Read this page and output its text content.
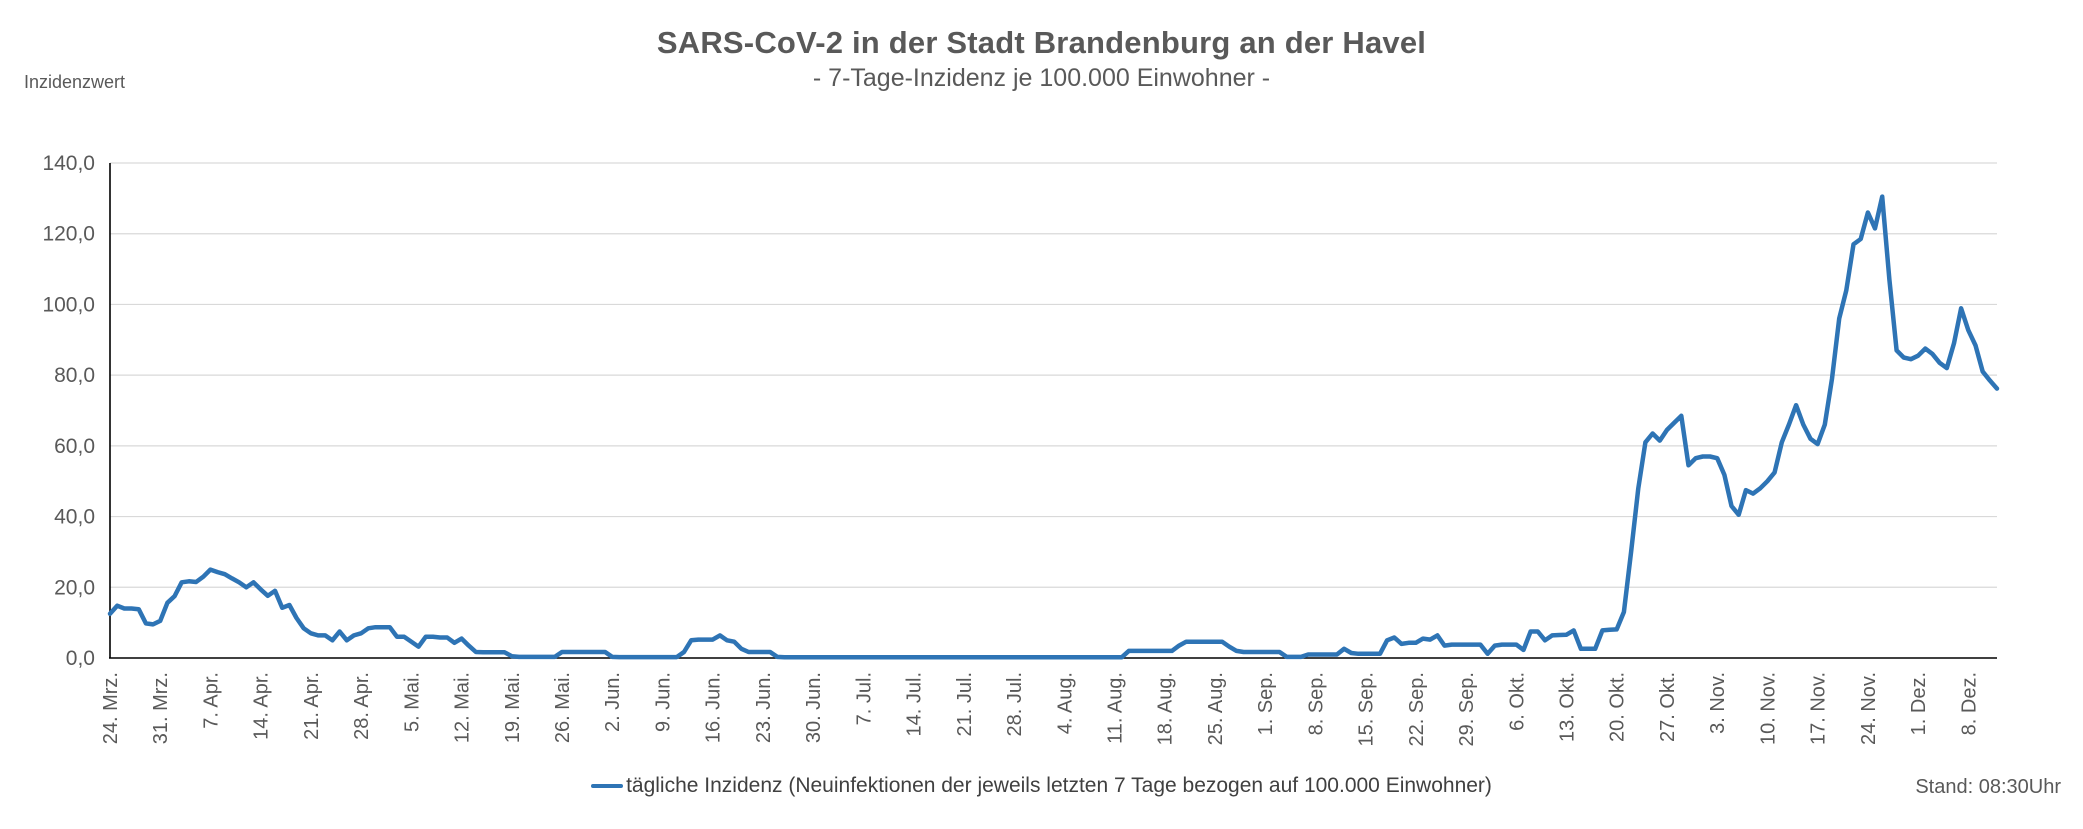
0,0
20,0
40,0
60,0
80,0
100,0
120,0
140,0
24. Mrz. 31. Mrz. 7. Apr. 14. Apr. 21. Apr. 28. Apr. 5. Mai. 12. Mai. 19. Mai. 26. Mai. 2. Jun. 9. Jun. 16. Jun. 23. Jun. 30. Jun. 7. Jul. 14. Jul. 21. Jul. 28. Jul. 4. Aug. 11. Aug. 18. Aug. 25. Aug. 1. Sep. 8. Sep. 15. Sep. 22. Sep. 29. Sep. 6. Okt. 13. Okt. 20. Okt. 27. Okt. 3. Nov. 10. Nov. 17. Nov. 24. Nov. 1. Dez. 8. Dez.
SARS-CoV-2 in der Stadt Brandenburg an der Havel
- 7-Tage-Inzidenz je 100.000 Einwohner -
Inzidenzwert
tägliche Inzidenz (Neuinfektionen der jeweils letzten 7 Tage bezogen auf 100.000 Einwohner)	Stand: 08:30Uhr
